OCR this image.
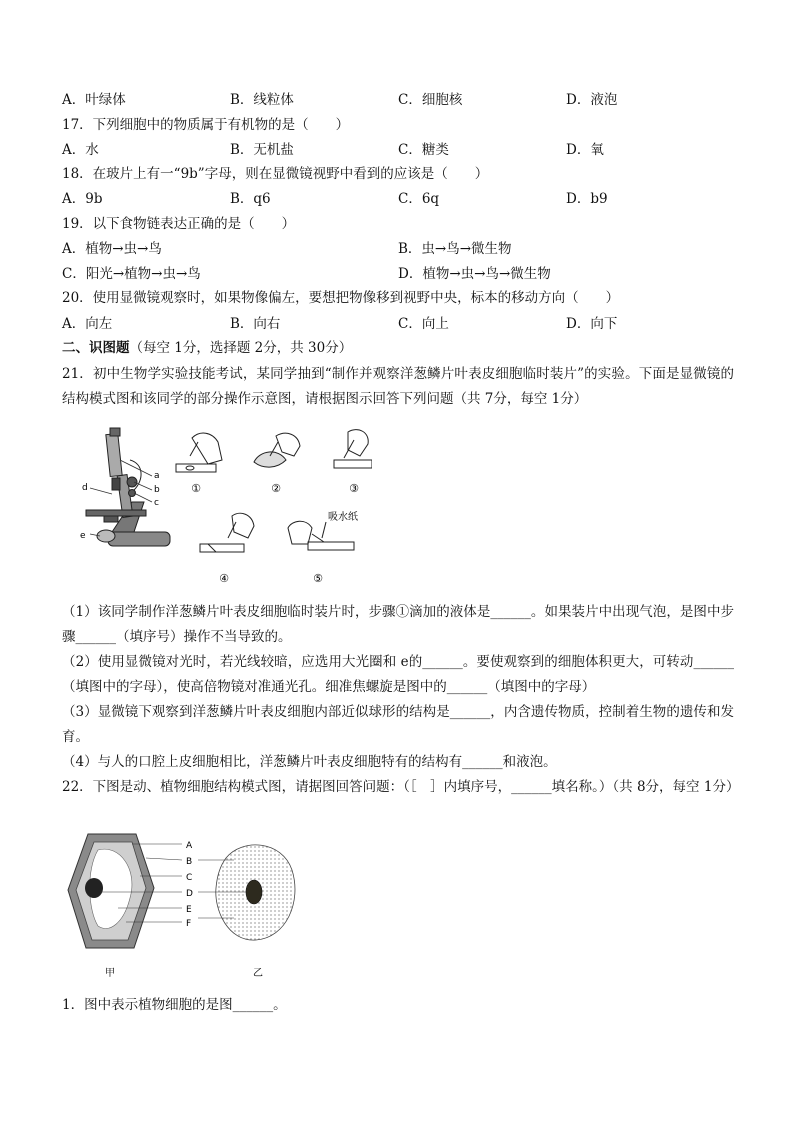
A．叶绿体	B．线粒体	C．细胞核	D．液泡
17．下列细胞中的物质属于有机物的是（　　）
A．水	B．无机盐	C．糖类	D．氧
18．在玻片上有一“9b”字母，则在显微镜视野中看到的应该是（　　）
A．9b	B．q6	C．6q	D．b9
19．以下食物链表达正确的是（　　）
A．植物→虫→鸟	B．虫→鸟→微生物
C．阳光→植物→虫→鸟	D．植物→虫→鸟→微生物
20．使用显微镜观察时，如果物像偏左，要想把物像移到视野中央，标本的移动方向（　　）
A．向左	B．向右	C．向上	D．向下
二、识图题（每空 1分，选择题 2分，共 30分）
21．初中生物学实验技能考试，某同学抽到“制作并观察洋葱鳞片叶表皮细胞临时装片”的实验。下面是显微镜的结构模式图和该同学的部分操作示意图，请根据图示回答下列问题（共 7分，每空 1分）
a
b
c
d
e
①	②	③
④
吸水纸
⑤
（1）该同学制作洋葱鳞片叶表皮细胞临时装片时，步骤①滴加的液体是______。如果装片中出现气泡，是图中步骤______（填序号）操作不当导致的。
（2）使用显微镜对光时，若光线较暗，应选用大光圈和 e的______。要使观察到的细胞体积更大，可转动______（填图中的字母），使高倍物镜对准通光孔。细准焦螺旋是图中的______（填图中的字母）
（3）显微镜下观察到洋葱鳞片叶表皮细胞内部近似球形的结构是______，内含遗传物质，控制着生物的遗传和发育。
（4）与人的口腔上皮细胞相比，洋葱鳞片叶表皮细胞特有的结构有______和液泡。
22．下图是动、植物细胞结构模式图，请据图回答问题：（［　］内填序号，______填名称。）（共 8分，每空 1分）
A
B
C
D
E
F
甲	乙
1．图中表示植物细胞的是图______。
